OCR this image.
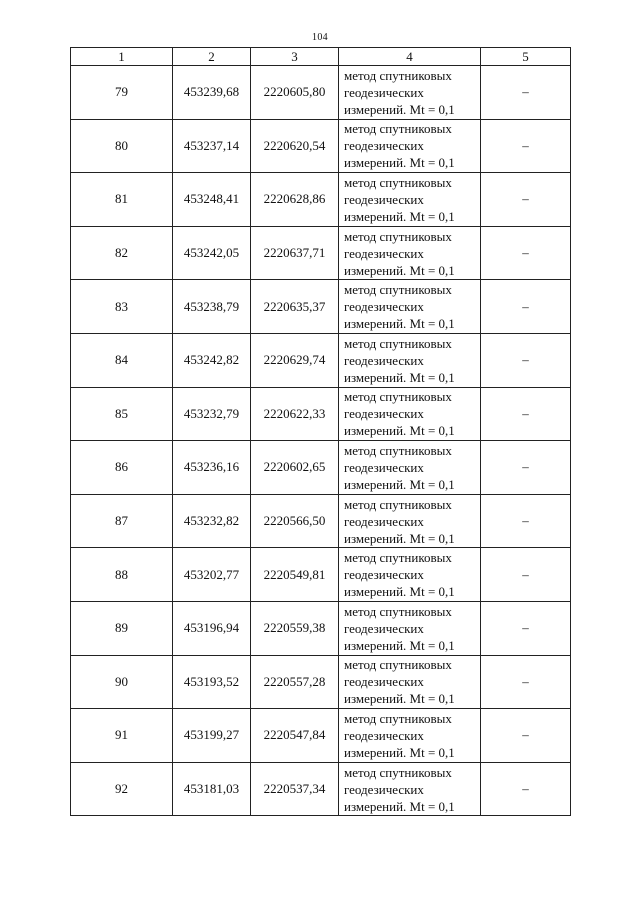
104
1	2	3	4	5
79	453239,68	2220605,80	метод спутниковых
геодезических
измерений. Mt = 0,1	–
80	453237,14	2220620,54	метод спутниковых
геодезических
измерений. Mt = 0,1	–
81	453248,41	2220628,86	метод спутниковых
геодезических
измерений. Mt = 0,1	–
82	453242,05	2220637,71	метод спутниковых
геодезических
измерений. Mt = 0,1	–
83	453238,79	2220635,37	метод спутниковых
геодезических
измерений. Mt = 0,1	–
84	453242,82	2220629,74	метод спутниковых
геодезических
измерений. Mt = 0,1	–
85	453232,79	2220622,33	метод спутниковых
геодезических
измерений. Mt = 0,1	–
86	453236,16	2220602,65	метод спутниковых
геодезических
измерений. Mt = 0,1	–
87	453232,82	2220566,50	метод спутниковых
геодезических
измерений. Mt = 0,1	–
88	453202,77	2220549,81	метод спутниковых
геодезических
измерений. Mt = 0,1	–
89	453196,94	2220559,38	метод спутниковых
геодезических
измерений. Mt = 0,1	–
90	453193,52	2220557,28	метод спутниковых
геодезических
измерений. Mt = 0,1	–
91	453199,27	2220547,84	метод спутниковых
геодезических
измерений. Mt = 0,1	–
92	453181,03	2220537,34	метод спутниковых
геодезических
измерений. Mt = 0,1	–
